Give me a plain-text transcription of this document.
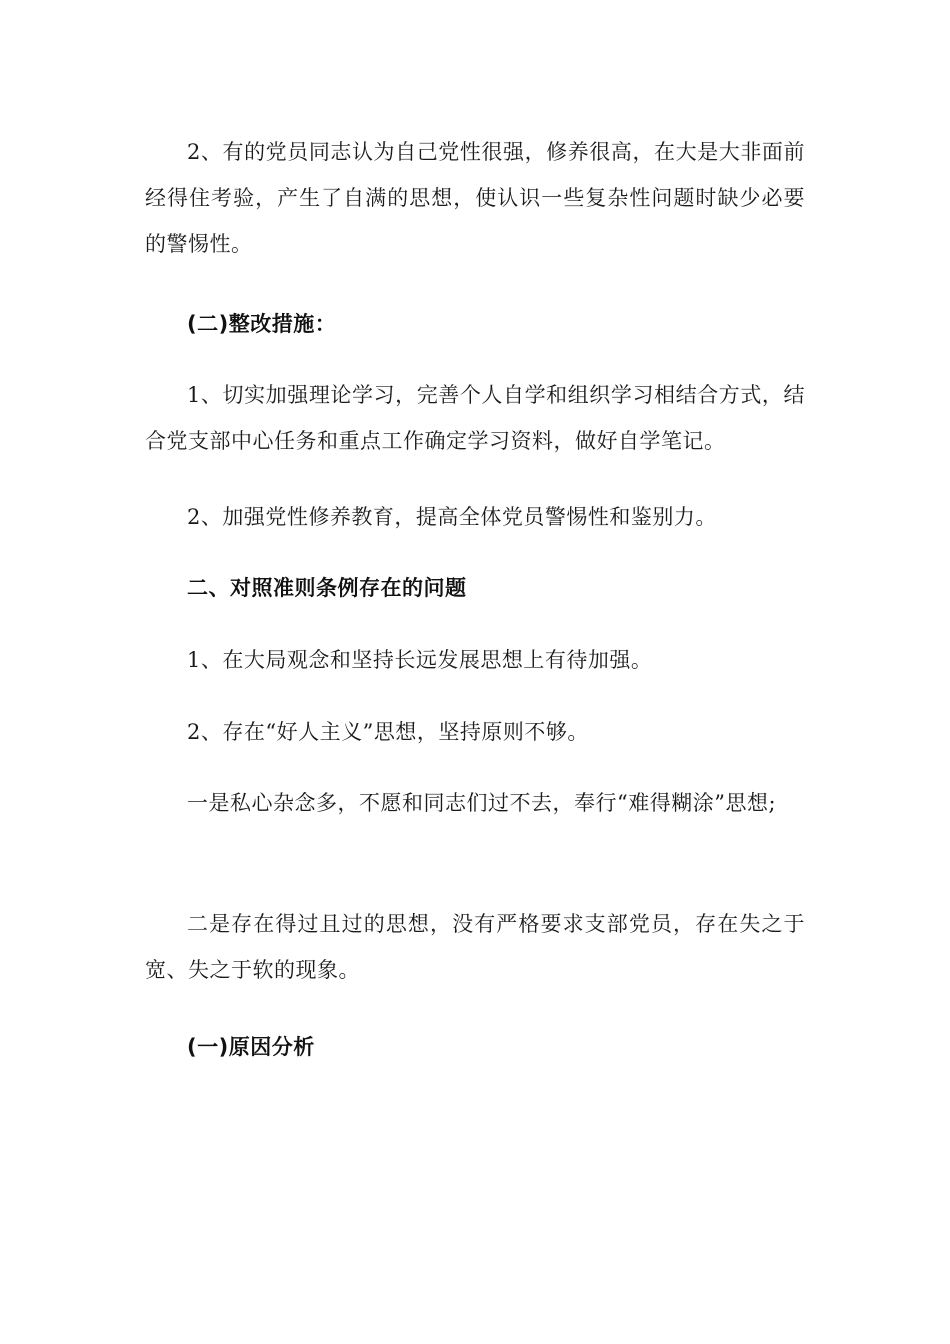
2、有的党员同志认为自己党性很强，修养很高，在大是大非面前经得住考验，产生了自满的思想，使认识一些复杂性问题时缺少必要的警惕性。

(二)整改措施：

1、切实加强理论学习，完善个人自学和组织学习相结合方式，结合党支部中心任务和重点工作确定学习资料，做好自学笔记。

2、加强党性修养教育，提高全体党员警惕性和鉴别力。

二、对照准则条例存在的问题

1、在大局观念和坚持长远发展思想上有待加强。

2、存在“好人主义”思想，坚持原则不够。

一是私心杂念多，不愿和同志们过不去，奉行“难得糊涂”思想;

二是存在得过且过的思想，没有严格要求支部党员，存在失之于宽、失之于软的现象。

(一)原因分析
